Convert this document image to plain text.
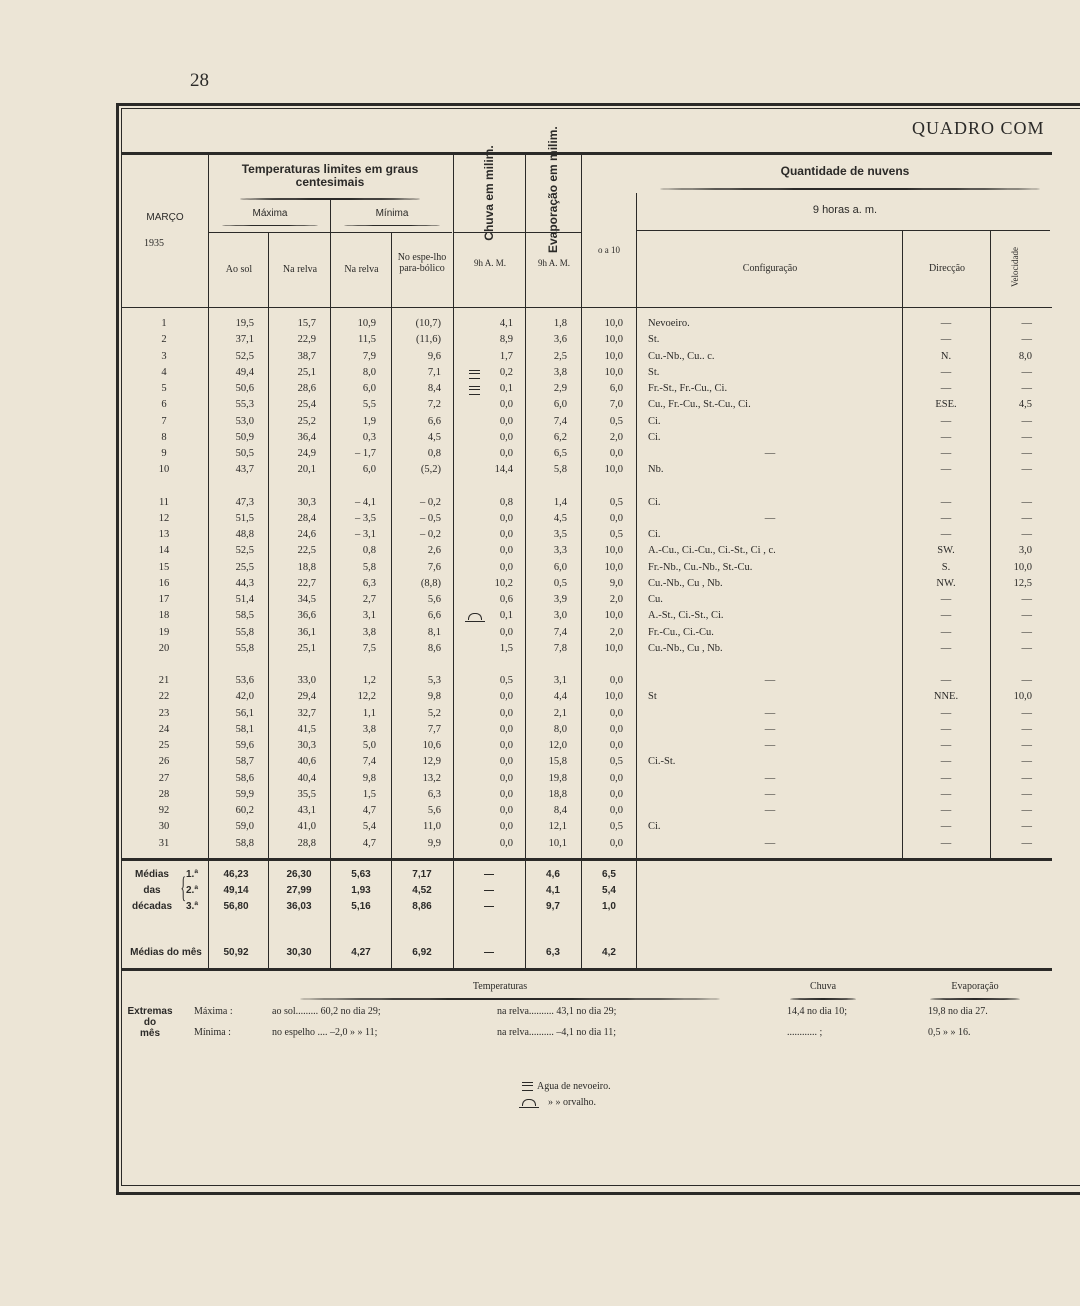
28
QUADRO COM
MARÇO
1935
Temperaturas limites em graus centesimais
Máxima	Mínima
Ao sol	Na relva	Na relva
No espe-lho para-bólico
Chuva em milim.	Evaporação em milim.
9h A. M.	9h A. M.
o a 10
Quantidade de nuvens
9 horas a. m.
Configuração	Direcção	Velocidade
1	19,5	15,7	10,9	(10,7)	4,1	1,8	10,0 Nevoeiro.	—	—
2	37,1	22,9	11,5	(11,6)	8,9	3,6	10,0 St.	—	—
3	52,5	38,7	7,9	9,6	1,7	2,5	10,0 Cu.-Nb., Cu.. c.	N.	8,0
4	49,4	25,1	8,0	7,1	0,2	3,8	10,0 St.	—	—
5	50,6	28,6	6,0	8,4	0,1	2,9	6,0 Fr.-St., Fr.-Cu., Ci.	—	—
6	55,3	25,4	5,5	7,2	0,0	6,0	7,0 Cu., Fr.-Cu., St.-Cu., Ci.	ESE.	4,5
7	53,0	25,2	1,9	6,6	0,0	7,4	0,5 Ci.	—	—
8	50,9	36,4	0,3	4,5	0,0	6,2	2,0 Ci.	—	—
9	50,5	24,9	– 1,7	0,8	0,0	6,5	0,0	—	—	—
10	43,7	20,1	6,0	(5,2)	14,4	5,8	10,0 Nb.	—	—
11	47,3	30,3	– 4,1	– 0,2	0,8	1,4	0,5 Ci.	—	—
12	51,5	28,4	– 3,5	– 0,5	0,0	4,5	0,0	—	—	—
13	48,8	24,6	– 3,1	– 0,2	0,0	3,5	0,5 Ci.	—	—
14	52,5	22,5	0,8	2,6	0,0	3,3	10,0 A.-Cu., Ci.-Cu., Ci.-St., Ci , c.	SW.	3,0
15	25,5	18,8	5,8	7,6	0,0	6,0	10,0 Fr.-Nb., Cu.-Nb., St.-Cu.	S.	10,0
16	44,3	22,7	6,3	(8,8)	10,2	0,5	9,0 Cu.-Nb., Cu , Nb.	NW.	12,5
17	51,4	34,5	2,7	5,6	0,6	3,9	2,0 Cu.	—	—
18	58,5	36,6	3,1	6,6	0,1	3,0	10,0 A.-St., Ci.-St., Ci.	—	—
19	55,8	36,1	3,8	8,1	0,0	7,4	2,0 Fr.-Cu., Ci.-Cu.	—	—
20	55,8	25,1	7,5	8,6	1,5	7,8	10,0 Cu.-Nb., Cu , Nb.	—	—
21	53,6	33,0	1,2	5,3	0,5	3,1	0,0	—	—	—
22	42,0	29,4	12,2	9,8	0,0	4,4	10,0 St	NNE.	10,0
23	56,1	32,7	1,1	5,2	0,0	2,1	0,0	—	—	—
24	58,1	41,5	3,8	7,7	0,0	8,0	0,0	—	—	—
25	59,6	30,3	5,0	10,6	0,0	12,0	0,0	—	—	—
26	58,7	40,6	7,4	12,9	0,0	15,8	0,5 Ci.-St.	—	—
27	58,6	40,4	9,8	13,2	0,0	19,8	0,0	—	—	—
28	59,9	35,5	1,5	6,3	0,0	18,8	0,0	—	—	—
92	60,2	43,1	4,7	5,6	0,0	8,4	0,0	—	—	—
30	59,0	41,0	5,4	11,0	0,0	12,1	0,5 Ci.	—	—
31	58,8	28,8	4,7	9,9	0,0	10,1	0,0	—	—	—
Médias
das
décadas
{ 1.ª	46,23	26,30	5,63	7,17	—	4,6	6,5
2.ª	49,14	27,99	1,93	4,52	—	4,1	5,4
3.ª	56,80	36,03	5,16	8,86	—	9,7	1,0
Médias do mês	50,92	30,30	4,27	6,92	—	6,3	4,2
Temperaturas	Chuva	Evaporação
Extremas
do
mês
Máxima :
Mínima :
ao sol......... 60,2 no dia 29;	na relva.......... 43,1 no dia 29;	14,4 no dia 10;	19,8 no dia 27.
no espelho .... –2,0 » » 11;	na relva.......... –4,1 no dia 11;	............ ;	0,5 » » 16.
Agua de nevoeiro.
» » orvalho.
